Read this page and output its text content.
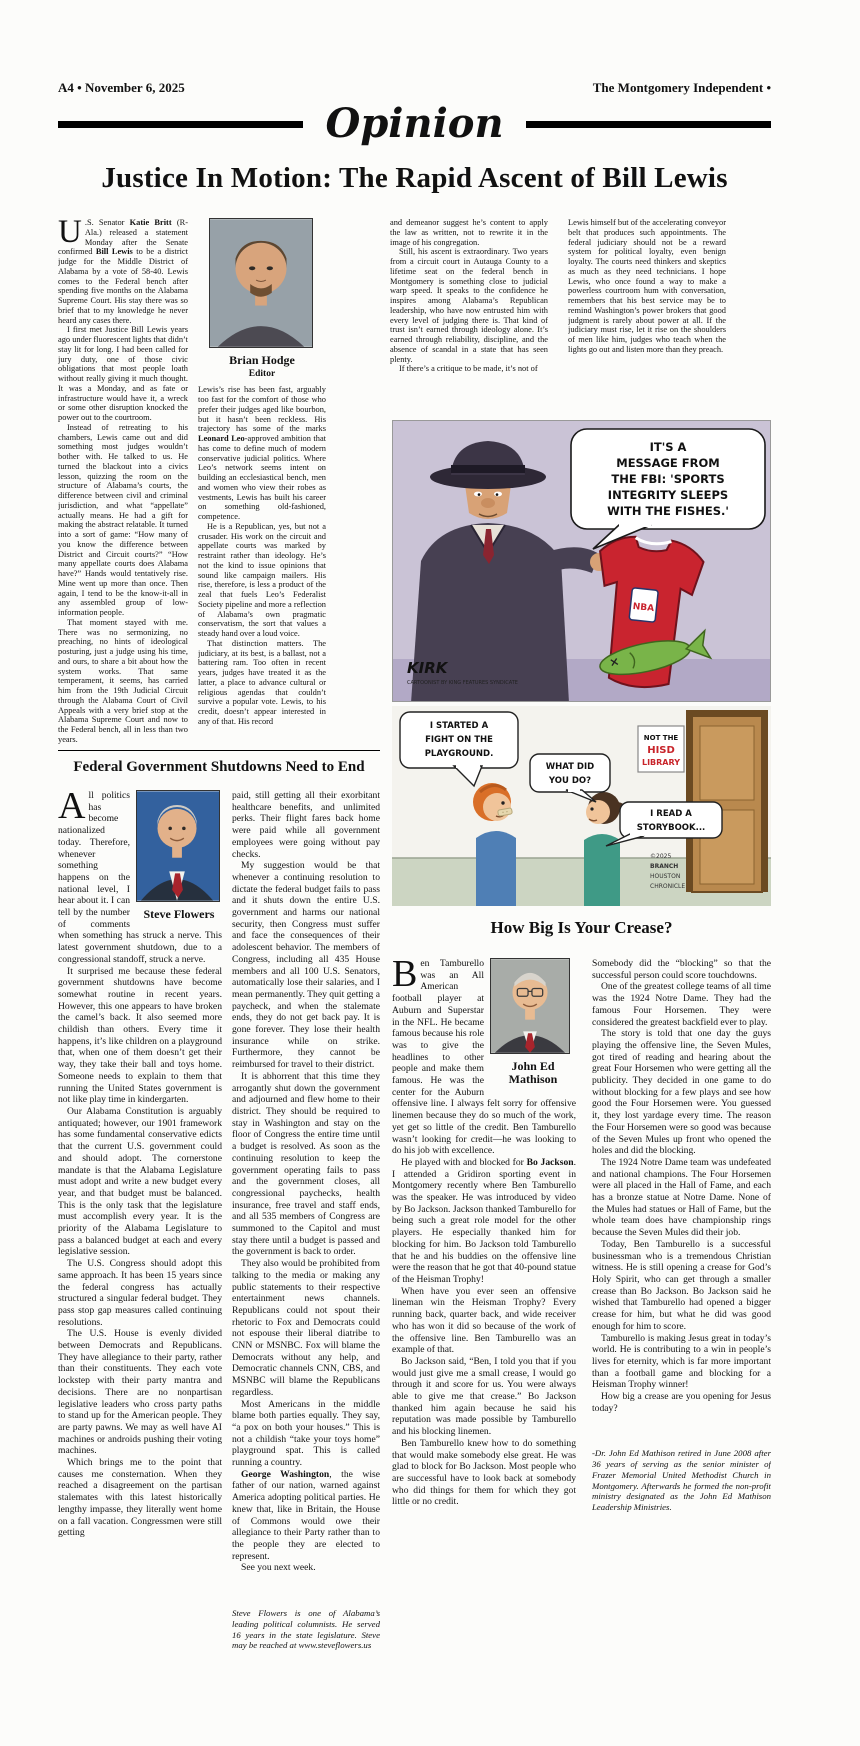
A4 • November 6, 2025	The Montgomery Independent •
Opinion
Justice In Motion: The Rapid Ascent of Bill Lewis
U .S. Senator Katie Britt (R-Ala.) released a statement Monday after the Senate confirmed Bill Lewis to be a district judge for the Middle District of Alabama by a vote of 58-40. Lewis comes to the Federal bench after spending five months on the Alabama Supreme Court. His stay there was so brief that to my knowledge he never heard any cases there.

I first met Justice Bill Lewis years ago under fluorescent lights that didn’t stay lit for long. I had been called for jury duty, one of those civic obligations that most people loath without really giving it much thought. It was a Monday, and as fate or infrastructure would have it, a wreck or some other disruption knocked the power out to the courtroom.

Instead of retreating to his chambers, Lewis came out and did something most judges wouldn’t bother with. He talked to us. He turned the blackout into a civics lesson, quizzing the room on the structure of Alabama’s courts, the difference between civil and criminal jurisdiction, and what “appellate” actually means. He had a gift for making the abstract relatable. It turned into a sort of game: “How many of you know the difference between District and Circuit courts?” “How many appellate courts does Alabama have?” Hands would tentatively rise. Mine went up more than once. Then again, I tend to be the know-it-all in any assembled group of low-information people.

That moment stayed with me. There was no sermonizing, no preaching, no hints of ideological posturing, just a judge using his time, and ours, to share a bit about how the system works. That same temperament, it seems, has carried him from the 19th Judicial Circuit through the Alabama Court of Civil Appeals with a very brief stop at the Alabama Supreme Court and now to the Federal bench, all in less than two years.

Brian Hodge
Editor

Lewis’s rise has been fast, arguably too fast for the comfort of those who prefer their judges aged like bourbon, but it hasn’t been reckless. His trajectory has some of the marks Leonard Leo-approved ambition that has come to define much of modern conservative judicial politics. Where Leo’s network seems intent on building an ecclesiastical bench, men and women who view their robes as vestments, Lewis has built his career on something old-fashioned, competence.

He is a Republican, yes, but not a crusader. His work on the circuit and appellate courts was marked by restraint rather than ideology. He’s not the kind to issue opinions that sound like campaign mailers. His rise, therefore, is less a product of the zeal that fuels Leo’s Federalist Society pipeline and more a reflection of Alabama’s own pragmatic conservatism, the sort that values a steady hand over a loud voice.

That distinction matters. The judiciary, at its best, is a ballast, not a battering ram. Too often in recent years, judges have treated it as the latter, a place to advance cultural or religious agendas that couldn’t survive a popular vote. Lewis, to his credit, doesn’t appear interested in any of that. His record

and demeanor suggest he’s content to apply the law as written, not to rewrite it in the image of his congregation.

Still, his ascent is extraordinary. Two years from a circuit court in Autauga County to a lifetime seat on the federal bench in Montgomery is something close to judicial warp speed. It speaks to the confidence he inspires among Alabama’s Republican leadership, who have now entrusted him with every level of judging there is. That kind of trust isn’t earned through ideology alone. It’s earned through reliability, discipline, and the absence of scandal in a state that has seen plenty.

If there’s a critique to be made, it’s not of

Lewis himself but of the accelerating conveyor belt that produces such appointments. The federal judiciary should not be a reward system for political loyalty, even benign loyalty. The courts need thinkers and skeptics as much as they need technicians. I hope Lewis, who once found a way to make a powerless courtroom hum with conversation, remembers that his best service may be to remind Washington’s power brokers that good judgment is rarely about power at all. If the judiciary must rise, let it rise on the shoulders of men like him, judges who teach when the lights go out and listen more than they preach.

NBA
IT'S A
MESSAGE FROM
THE FBI: 'SPORTS
INTEGRITY SLEEPS
WITH THE FISHES.'
KIRK
CARTOONIST BY KING FEATURES SYNDICATE
NOT THE
HISD
LIBRARY
I STARTED A
FIGHT ON THE
PLAYGROUND.
WHAT DID
YOU DO?
I READ A
STORYBOOK...
©2025
BRANCH
HOUSTON
CHRONICLE
Federal Government Shutdowns Need to End
A
Steve Flowers

ll politics has become nationalized today. Therefore, whenever something happens on the national level, I hear about it. I can tell by the number of comments when something has struck a nerve. This latest government shutdown, due to a congressional standoff, struck a nerve.

It surprised me because these federal government shutdowns have become somewhat routine in recent years. However, this one appears to have broken the camel’s back. It also seemed more childish than others. Every time it happens, it’s like children on a playground that, when one of them doesn’t get their way, they take their ball and toys home. Someone needs to explain to them that running the United States government is not like play time in kindergarten.

Our Alabama Constitution is arguably antiquated; however, our 1901 framework has some fundamental conservative edicts that the current U.S. government could and should adopt. The cornerstone mandate is that the Alabama Legislature must adopt and write a new budget every year, and that budget must be balanced. This is the only task that the legislature must accomplish every year. It is the priority of the Alabama Legislature to pass a balanced budget at each and every legislative session.

The U.S. Congress should adopt this same approach. It has been 15 years since the federal congress has actually structured a singular federal budget. They pass stop gap measures called continuing resolutions.

The U.S. House is evenly divided between Democrats and Republicans. They have allegiance to their party, rather than their constituents. They each vote lockstep with their party mantra and decisions. There are no nonpartisan legislative leaders who cross party paths to stand up for the American people. They are party pawns. We may as well have AI machines or androids pushing their voting machines.

Which brings me to the point that causes me consternation. When they reached a disagreement on the partisan stalemates with this latest historically lengthy impasse, they literally went home on a fall vacation. Congressmen were still getting

paid, still getting all their exorbitant healthcare benefits, and unlimited perks. Their flight fares back home were paid while all government employees were going without pay checks.

My suggestion would be that whenever a continuing resolution to dictate the federal budget fails to pass and it shuts down the entire U.S. government and harms our national security, then Congress must suffer and face the consequences of their adolescent behavior. The members of Congress, including all 435 House members and all 100 U.S. Senators, automatically lose their salaries, and I mean permanently. They quit getting a paycheck, and when the stalemate ends, they do not get back pay. It is gone forever. They lose their health insurance while on strike. Furthermore, they cannot be reimbursed for travel to their district.

It is abhorrent that this time they arrogantly shut down the government and adjourned and flew home to their district. They should be required to stay in Washington and stay on the floor of Congress the entire time until a budget is resolved. As soon as the continuing resolution to keep the government operating fails to pass and the government closes, all congressional paychecks, health insurance, free travel and staff ends, and all 535 members of Congress are summoned to the Capitol and must stay there until a budget is passed and the government is back to order.

They also would be prohibited from talking to the media or making any public statements to their respective entertainment news channels. Republicans could not spout their rhetoric to Fox and Democrats could not espouse their liberal diatribe to CNN or MSNBC. Fox will blame the Democrats without any help, and Democratic channels CNN, CBS, and MSNBC will blame the Republicans regardless.

Most Americans in the middle blame both parties equally. They say, “a pox on both your houses.” This is not a childish “take your toys home” playground spat. This is called running a country.

George Washington, the wise father of our nation, warned against America adopting political parties. He knew that, like in Britain, the House of Commons would owe their allegiance to their Party rather than to the people they are elected to represent.

See you next week.

Steve Flowers is one of Alabama’s leading political columnists. He served 16 years in the state legislature. Steve may be reached at www.steveflowers.us
How Big Is Your Crease?
B
John Ed Mathison

en Tamburello was an All American football player at Auburn and Superstar in the NFL. He became famous because his role was to give the headlines to other people and make them famous. He was the center for the Auburn offensive line. I always felt sorry for offensive linemen because they do so much of the work, yet get so little of the credit. Ben Tamburello wasn’t looking for credit—he was looking to do his job with excellence.

He played with and blocked for Bo Jackson. I attended a Gridiron sporting event in Montgomery recently where Ben Tamburello was the speaker. He was introduced by video by Bo Jackson. Jackson thanked Tamburello for being such a great role model for the other players. He especially thanked him for blocking for him. Bo Jackson told Tamburello that he and his buddies on the offensive line were the reason that he got that 40-pound statue of the Heisman Trophy!

When have you ever seen an offensive lineman win the Heisman Trophy? Every running back, quarter back, and wide receiver who has won it did so because of the work of the offensive line. Ben Tamburello was an example of that.

Bo Jackson said, “Ben, I told you that if you would just give me a small crease, I would go through it and score for us. You were always able to give me that crease.” Bo Jackson thanked him again because he said his reputation was made possible by Tamburello and his blocking linemen.

Ben Tamburello knew how to do something that would make somebody else great. He was glad to block for Bo Jackson. Most people who are successful have to look back at somebody who did things for them for which they got little or no credit.

Somebody did the “blocking” so that the successful person could score touchdowns.

One of the greatest college teams of all time was the 1924 Notre Dame. They had the famous Four Horsemen. They were considered the greatest backfield ever to play.

The story is told that one day the guys playing the offensive line, the Seven Mules, got tired of reading and hearing about the great Four Horsemen who were getting all the publicity. They decided in one game to do without blocking for a few plays and see how good the Four Horsemen were. You guessed it, they lost yardage every time. The reason the Four Horsemen were so good was because of the Seven Mules up front who opened the holes and did the blocking.

The 1924 Notre Dame team was undefeated and national champions. The Four Horsemen were all placed in the Hall of Fame, and each has a bronze statue at Notre Dame. None of the Mules had statues or Hall of Fame, but the whole team does have championship rings because the Seven Mules did their job.

Today, Ben Tamburello is a successful businessman who is a tremendous Christian witness. He is still opening a crease for God’s Holy Spirit, who can get through a smaller crease than Bo Jackson. Bo Jackson said he wished that Tamburello had opened a bigger crease for him, but what he did was good enough for him to score.

Tamburello is making Jesus great in today’s world. He is contributing to a win in people’s lives for eternity, which is far more important than a football game and blocking for a Heisman Trophy winner!

How big a crease are you opening for Jesus today?

-Dr. John Ed Mathison retired in June 2008 after 36 years of serving as the senior minister of Frazer Memorial United Methodist Church in Montgomery. Afterwards he formed the non-profit ministry designated as the John Ed Mathison Leadership Ministries.
